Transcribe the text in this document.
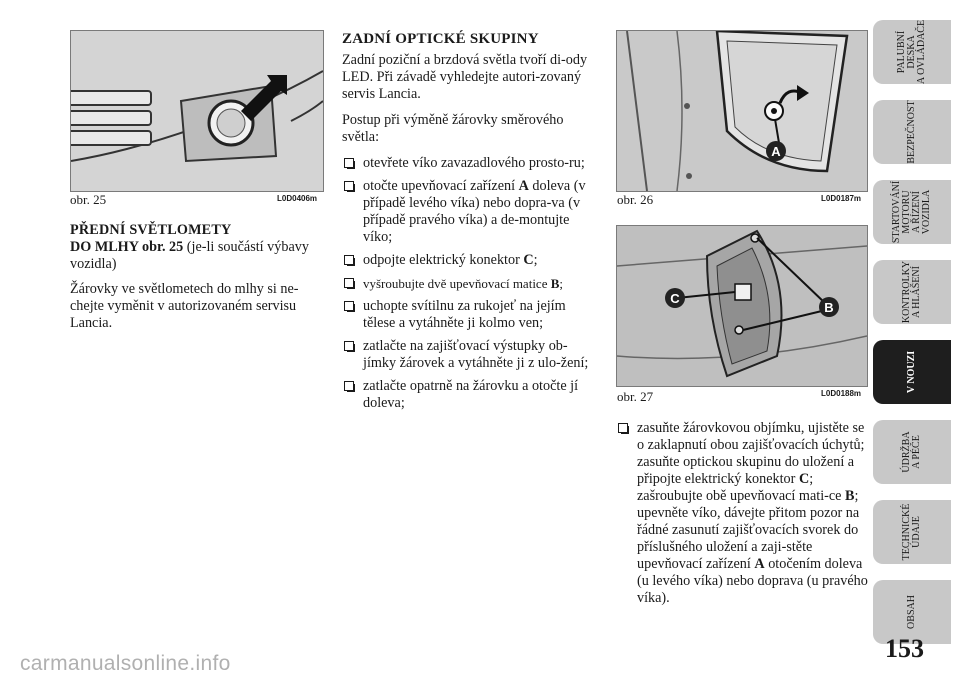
obr. 25	L0D0406m

PŘEDNÍ SVĚTLOMETY

DO MLHY obr. 25 (je-li součástí výbavy vozidla)

Žárovky ve světlometech do mlhy si ne-chejte vyměnit v autorizovaném servisu Lancia.

ZADNÍ OPTICKÉ SKUPINY

Zadní poziční a brzdová světla tvoří di-ody LED. Při závadě vyhledejte autori-zovaný servis Lancia.

Postup při výměně žárovky směrového světla:

otevřete víko zavazadlového prosto-ru;
otočte upevňovací zařízení A doleva (v případě levého víka) nebo dopra-va (v případě pravého víka) a de-montujte víko;
odpojte elektrický konektor C;
vyšroubujte dvě upevňovací matice B;
uchopte svítilnu za rukojeť na jejím tělese a vytáhněte ji kolmo ven;
zatlačte na zajišťovací výstupky ob-jímky žárovek a vytáhněte ji z ulo-žení;
zatlačte opatrně na žárovku a otočte jí doleva;
A
obr. 26	L0D0187m
C
B
obr. 27	L0D0188m
zasuňte žárovkovou objímku, ujistěte se o zaklapnutí obou zajišťovacích úchytů; zasuňte optickou skupinu do uložení a připojte elektrický konektor C; zašroubujte obě upevňovací mati-ce B; upevněte víko, dávejte přitom pozor na řádné zasunutí zajišťovacích svorek do příslušného uložení a zaji-stěte upevňovací zařízení A otočením doleva (u levého víka) nebo doprava (u pravého víka).
PALUBNÍ
DESKA
A OVLÁDAČE
BEZPEČNOST
STARTOVÁNÍ
MOTORU
A ŘÍZENÍ
VOZIDLA
KONTROLKY
A HLÁŠENÍ
V NOUZI
ÚDRŽBA
A PÉČE
TECHNICKÉ
ÚDAJE
OBSAH
153
carmanualsonline.info
